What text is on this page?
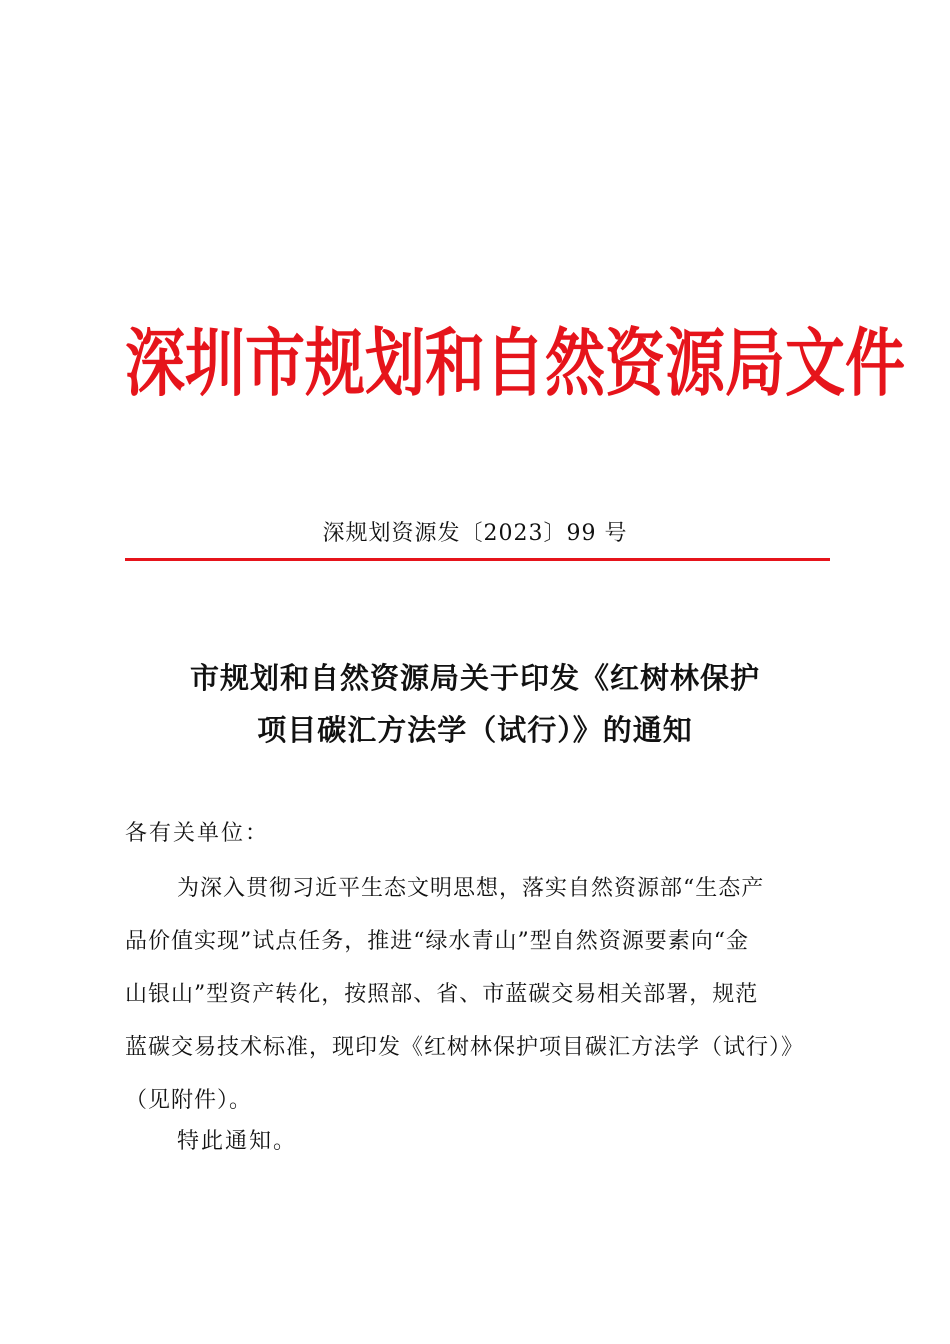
深 圳 市 规 划 和 自 然 资 源 局 文 件
深规划资源发〔2023〕99 号
市规划和自然资源局关于印发《红树林保护
项目碳汇方法学（试行）》的通知
各有关单位：
为深入贯彻习近平生态文明思想，落实自然资源部“生态产
品价值实现”试点任务，推进“绿水青山”型自然资源要素向“金
山银山”型资产转化，按照部、省、市蓝碳交易相关部署，规范
蓝碳交易技术标准，现印发《红树林保护项目碳汇方法学（试行）》
（见附件）。
特此通知。
